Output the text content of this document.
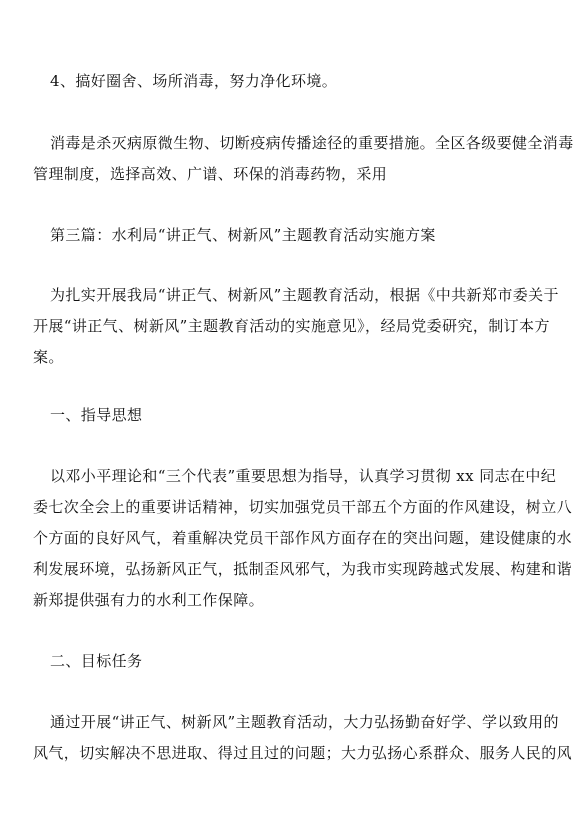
4、搞好圈舍、场所消毒，努力净化环境。

消毒是杀灭病原微生物、切断疫病传播途径的重要措施。全区各级要健全消毒
管理制度，选择高效、广谱、环保的消毒药物，采用

第三篇：水利局“讲正气、树新风”主题教育活动实施方案

为扎实开展我局“讲正气、树新风”主题教育活动，根据《中共新郑市委关于
开展“讲正气、树新风”主题教育活动的实施意见》，经局党委研究，制订本方
案。

一、指导思想

以邓小平理论和“三个代表”重要思想为指导，认真学习贯彻 xx 同志在中纪
委七次全会上的重要讲话精神，切实加强党员干部五个方面的作风建设，树立八
个方面的良好风气，着重解决党员干部作风方面存在的突出问题，建设健康的水
利发展环境，弘扬新风正气，抵制歪风邪气，为我市实现跨越式发展、构建和谐
新郑提供强有力的水利工作保障。

二、目标任务

通过开展“讲正气、树新风”主题教育活动，大力弘扬勤奋好学、学以致用的
风气，切实解决不思进取、得过且过的问题；大力弘扬心系群众、服务人民的风
